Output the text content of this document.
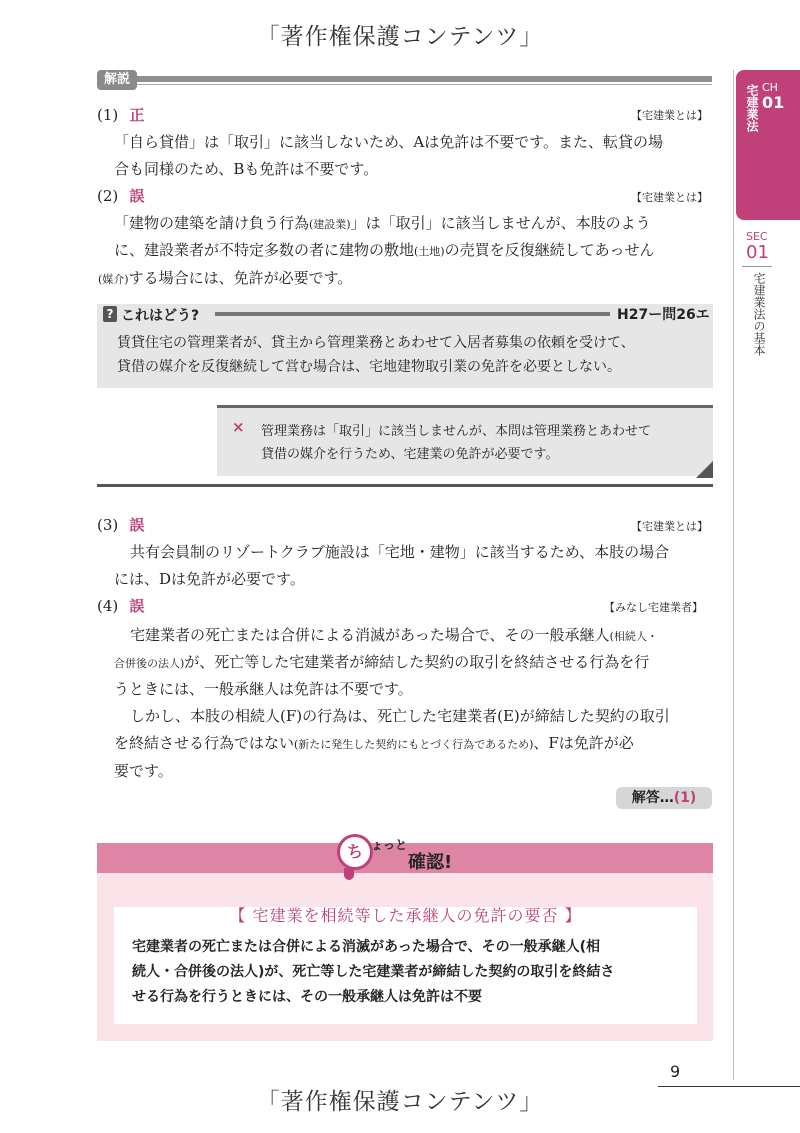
「著作権保護コンテンツ」
「著作権保護コンテンツ」
解説
宅建業法 CH
01
SEC
01
宅建業法の基本
(1) 正	【宅建業とは】
「自ら貸借」は「取引」に該当しないため、Aは免許は不要です。また、転貸の場
合も同様のため、Bも免許は不要です。
(2) 誤	【宅建業とは】
「建物の建築を請け負う行為(建設業)」は「取引」に該当しませんが、本肢のよう
に、建設業者が不特定多数の者に建物の敷地(土地)の売買を反復継続してあっせん
(媒介)する場合には、免許が必要です。
? これはどう?	H27ー問26エ
賃貸住宅の管理業者が、貸主から管理業務とあわせて入居者募集の依頼を受けて、
貸借の媒介を反復継続して営む場合は、宅地建物取引業の免許を必要としない。
× 管理業務は「取引」に該当しませんが、本問は管理業務とあわせて
貸借の媒介を行うため、宅建業の免許が必要です。
(3) 誤	【宅建業とは】
共有会員制のリゾートクラブ施設は「宅地・建物」に該当するため、本肢の場合
には、Dは免許が必要です。
(4) 誤	【みなし宅建業者】
宅建業者の死亡または合併による消滅があった場合で、その一般承継人(相続人・
合併後の法人)が、死亡等した宅建業者が締結した契約の取引を終結させる行為を行
うときには、一般承継人は免許は不要です。
しかし、本肢の相続人(F)の行為は、死亡した宅建業者(E)が締結した契約の取引
を終結させる行為ではない(新たに発生した契約にもとづく行為であるため)、Fは免許が必
要です。
解答…(1)
ち ょっと
確認!
【 宅建業を相続等した承継人の免許の要否 】
宅建業者の死亡または合併による消滅があった場合で、その一般承継人(相
続人・合併後の法人)が、死亡等した宅建業者が締結した契約の取引を終結さ
せる行為を行うときには、その一般承継人は免許は不要
9
